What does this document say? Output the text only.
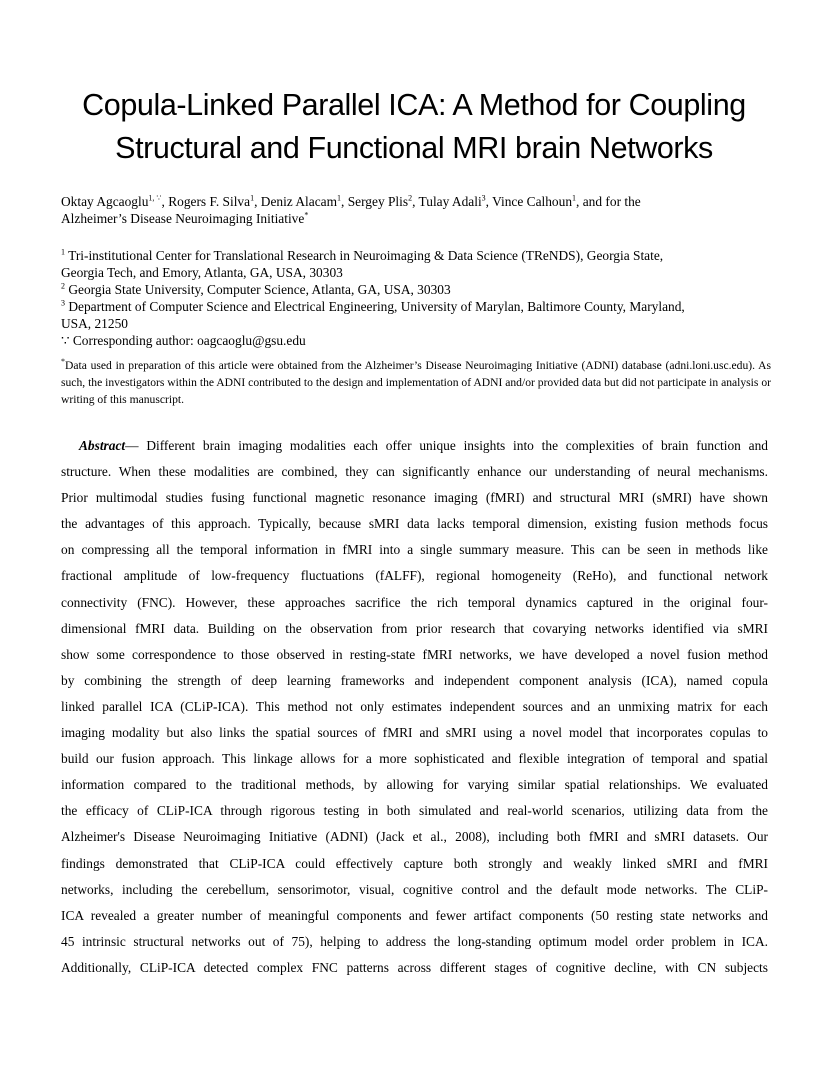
Copula-Linked Parallel ICA: A Method for Coupling
Structural and Functional MRI brain Networks
Oktay Agcaoglu$^{1, \because}$, Rogers F. Silva$^1$, Deniz Alacam$^1$, Sergey Plis$^2$, Tulay Adali$^3$, Vince Calhoun$^1$, and for the
Alzheimer’s Disease Neuroimaging Initiative*
$^1$ Tri-institutional Center for Translational Research in Neuroimaging & Data Science (TReNDS), Georgia State,
Georgia Tech, and Emory, Atlanta, GA, USA, 30303
$^2$ Georgia State University, Computer Science, Atlanta, GA, USA, 30303
$^3$ Department of Computer Science and Electrical Engineering, University of Marylan, Baltimore County, Maryland,
USA, 21250
∵ Corresponding author: oagcaoglu@gsu.edu
*Data used in preparation of this article were obtained from the Alzheimer’s Disease Neuroimaging Initiative (ADNI) database (adni.loni.usc.edu). As such, the investigators within the ADNI contributed to the design and implementation of ADNI and/or provided data but did not participate in analysis or writing of this manuscript.
Abstract— Different brain imaging modalities each offer unique insights into the complexities of brain function and
structure. When these modalities are combined, they can significantly enhance our understanding of neural mechanisms.
Prior multimodal studies fusing functional magnetic resonance imaging (fMRI) and structural MRI (sMRI) have shown
the advantages of this approach. Typically, because sMRI data lacks temporal dimension, existing fusion methods focus
on compressing all the temporal information in fMRI into a single summary measure. This can be seen in methods like
fractional amplitude of low-frequency fluctuations (fALFF), regional homogeneity (ReHo), and functional network
connectivity (FNC). However, these approaches sacrifice the rich temporal dynamics captured in the original four-
dimensional fMRI data. Building on the observation from prior research that covarying networks identified via sMRI
show some correspondence to those observed in resting-state fMRI networks, we have developed a novel fusion method
by combining the strength of deep learning frameworks and independent component analysis (ICA), named copula
linked parallel ICA (CLiP-ICA). This method not only estimates independent sources and an unmixing matrix for each
imaging modality but also links the spatial sources of fMRI and sMRI using a novel model that incorporates copulas to
build our fusion approach. This linkage allows for a more sophisticated and flexible integration of temporal and spatial
information compared to the traditional methods, by allowing for varying similar spatial relationships. We evaluated
the efficacy of CLiP-ICA through rigorous testing in both simulated and real-world scenarios, utilizing data from the
Alzheimer's Disease Neuroimaging Initiative (ADNI) (Jack et al., 2008), including both fMRI and sMRI datasets. Our
findings demonstrated that CLiP-ICA could effectively capture both strongly and weakly linked sMRI and fMRI
networks, including the cerebellum, sensorimotor, visual, cognitive control and the default mode networks. The CLiP-
ICA revealed a greater number of meaningful components and fewer artifact components (50 resting state networks and
45 intrinsic structural networks out of 75), helping to address the long-standing optimum model order problem in ICA.
Additionally, CLiP-ICA detected complex FNC patterns across different stages of cognitive decline, with CN subjects
